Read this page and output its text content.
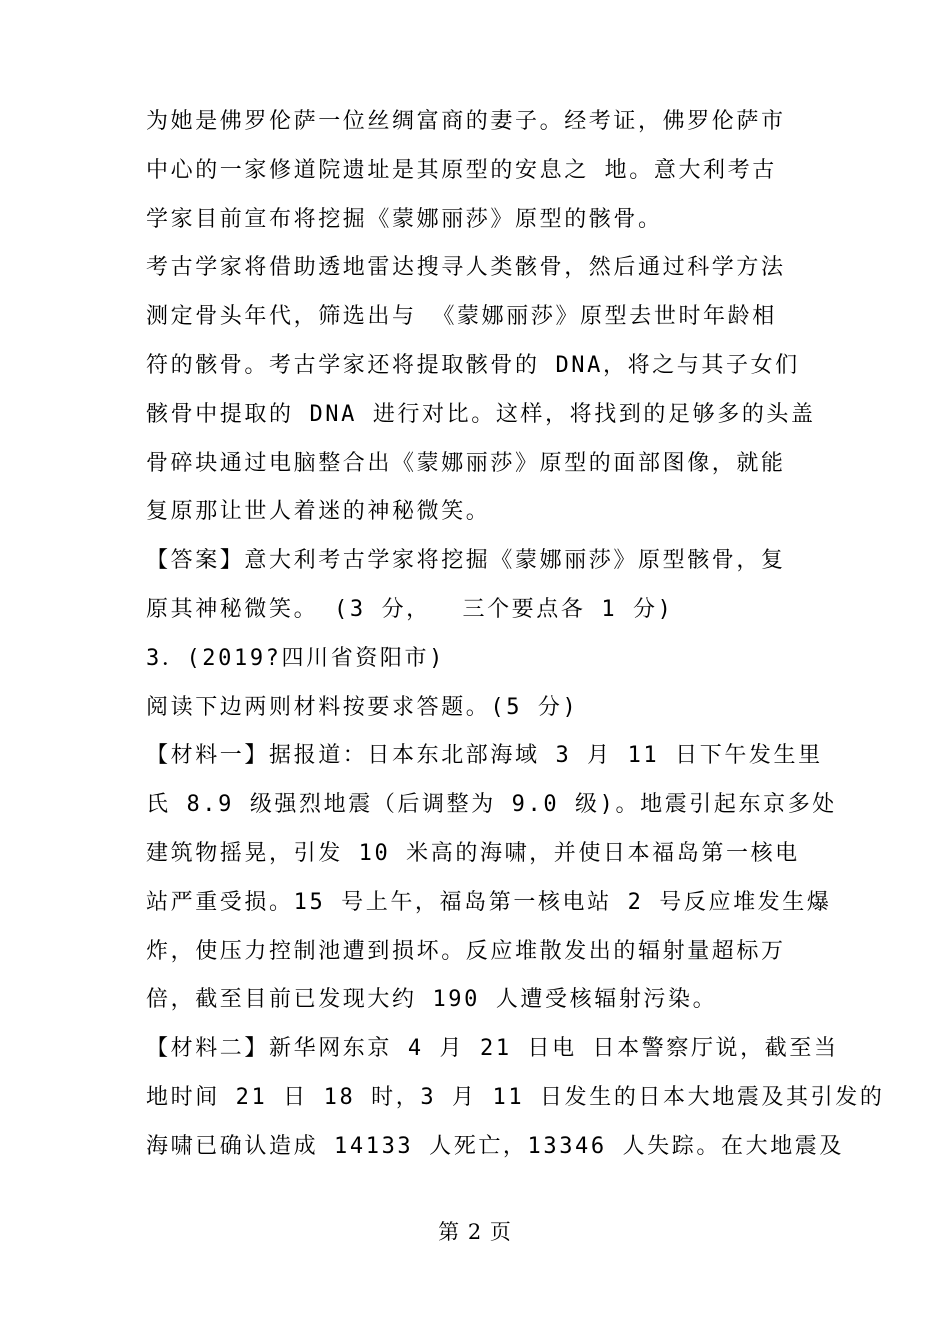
为她是佛罗伦萨一位丝绸富商的妻子。经考证，佛罗伦萨市
中心的一家修道院遗址是其原型的安息之 地。意大利考古
学家目前宣布将挖掘《蒙娜丽莎》原型的骸骨。
考古学家将借助透地雷达搜寻人类骸骨，然后通过科学方法
测定骨头年代，筛选出与 《蒙娜丽莎》原型去世时年龄相
符的骸骨。考古学家还将提取骸骨的 DNA，将之与其子女们
骸骨中提取的 DNA 进行对比。这样，将找到的足够多的头盖
骨碎块通过电脑整合出《蒙娜丽莎》原型的面部图像，就能
复原那让世人着迷的神秘微笑。
【答案】意大利考古学家将挖掘《蒙娜丽莎》原型骸骨，复
原其神秘微笑。 (3 分，  三个要点各 1 分)
3．(2019?四川省资阳市)
阅读下边两则材料按要求答题。(5 分)
【材料一】据报道：日本东北部海域 3 月 11 日下午发生里
氏 8.9 级强烈地震（后调整为 9.0 级)。地震引起东京多处
建筑物摇晃，引发 10 米高的海啸，并使日本福岛第一核电
站严重受损。15 号上午，福岛第一核电站 2 号反应堆发生爆
炸，使压力控制池遭到损坏。反应堆散发出的辐射量超标万
倍，截至目前已发现大约 190 人遭受核辐射污染。
【材料二】新华网东京 4 月 21 日电 日本警察厅说，截至当
地时间 21 日 18 时，3 月 11 日发生的日本大地震及其引发的
海啸已确认造成 14133 人死亡，13346 人失踪。在大地震及
第 2 页
